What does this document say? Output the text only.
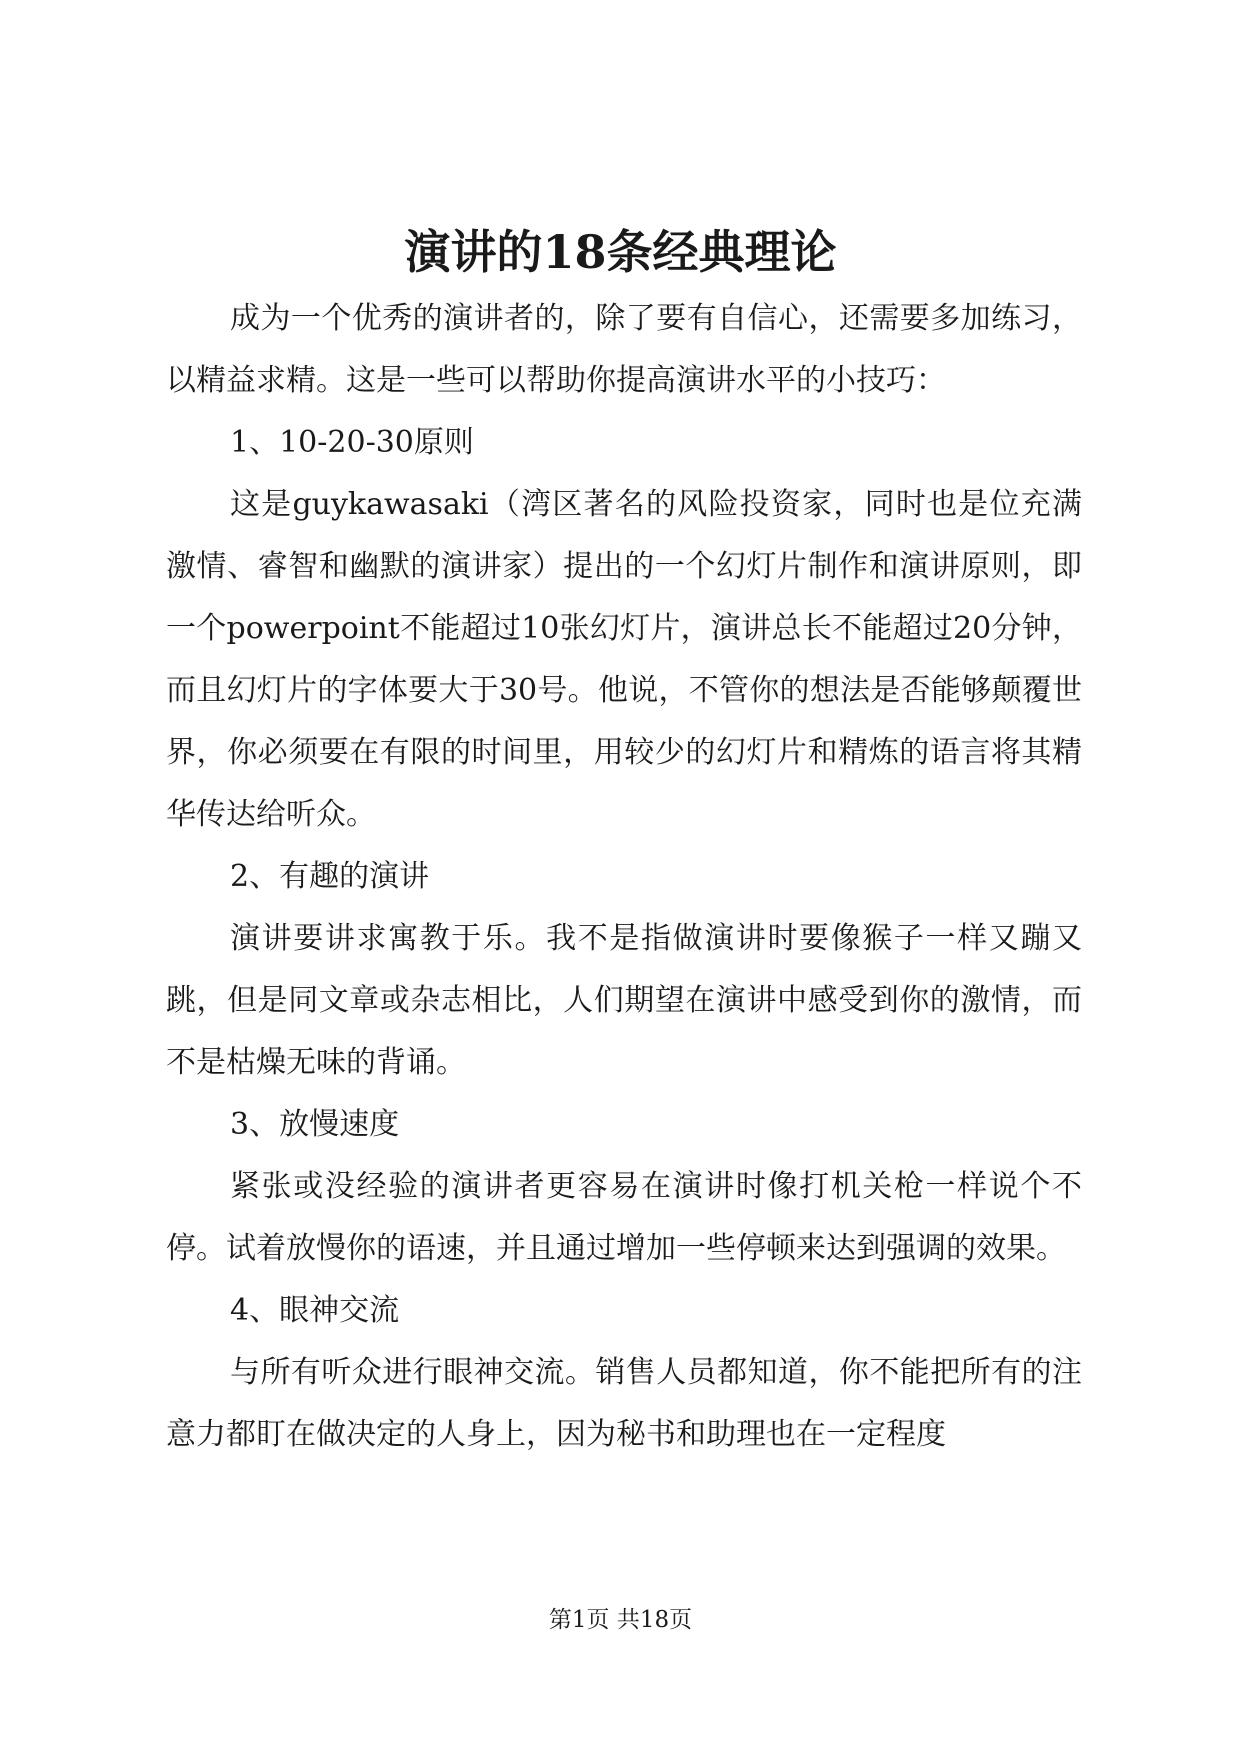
演讲的18条经典理论

成为一个优秀的演讲者的，除了要有自信心，还需要多加练习，以精益求精。这是一些可以帮助你提高演讲水平的小技巧：

1、10-20-30原则

这是guykawasaki（湾区著名的风险投资家，同时也是位充满激情、睿智和幽默的演讲家）提出的一个幻灯片制作和演讲原则，即一个powerpoint不能超过10张幻灯片，演讲总长不能超过20分钟，而且幻灯片的字体要大于30号。他说，不管你的想法是否能够颠覆世界，你必须要在有限的时间里，用较少的幻灯片和精炼的语言将其精华传达给听众。

2、有趣的演讲

演讲要讲求寓教于乐。我不是指做演讲时要像猴子一样又蹦又跳，但是同文章或杂志相比，人们期望在演讲中感受到你的激情，而不是枯燥无味的背诵。

3、放慢速度

紧张或没经验的演讲者更容易在演讲时像打机关枪一样说个不停。试着放慢你的语速，并且通过增加一些停顿来达到强调的效果。

4、眼神交流

与所有听众进行眼神交流。销售人员都知道，你不能把所有的注意力都盯在做决定的人身上，因为秘书和助理也在一定程度

第1页 共18页
